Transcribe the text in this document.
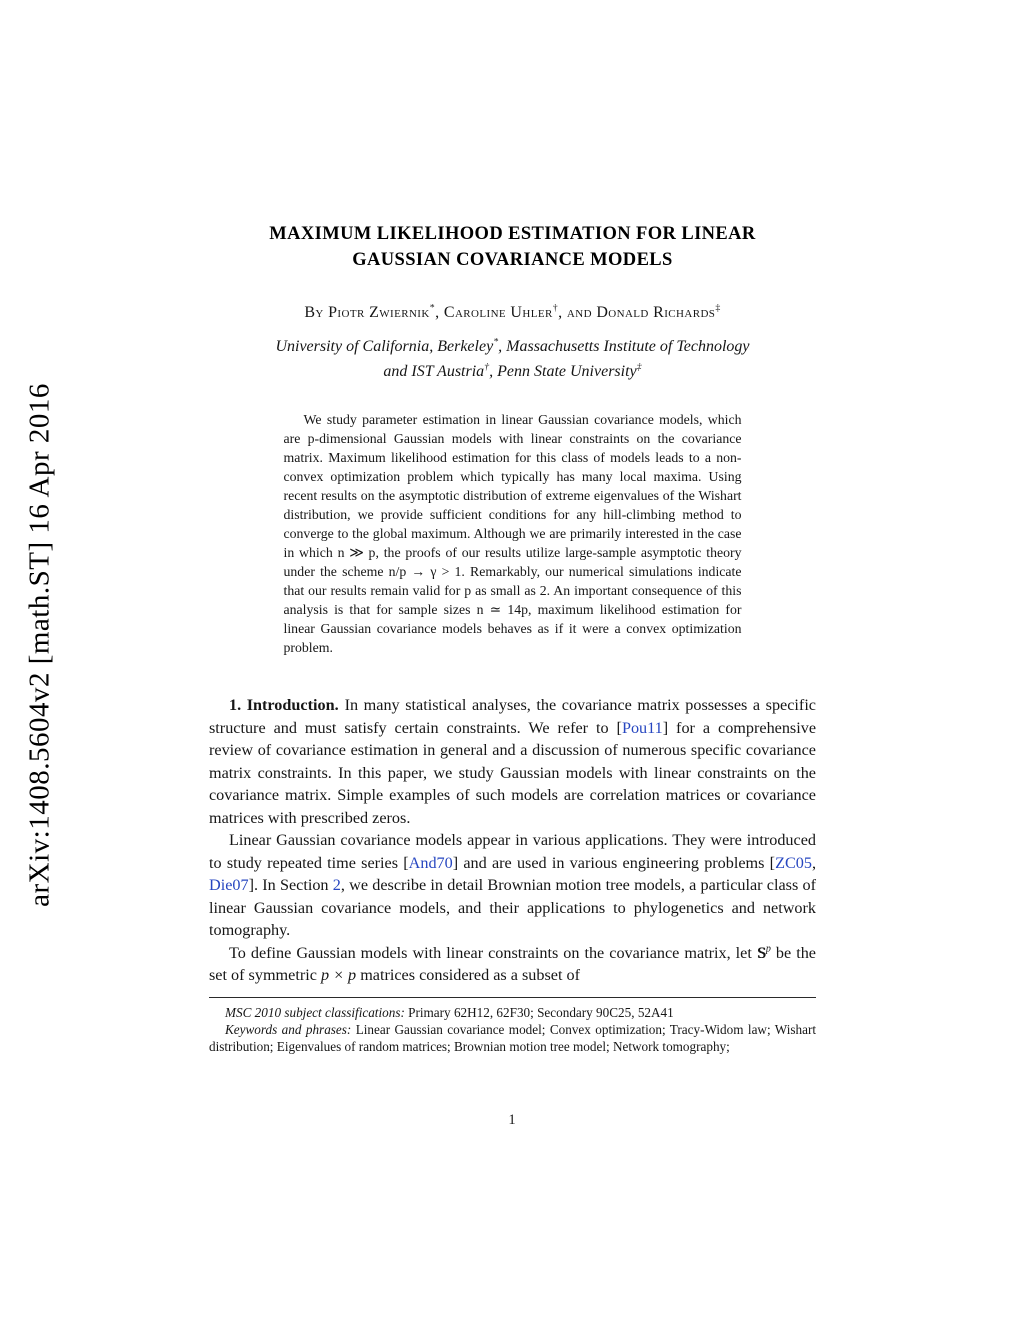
arXiv:1408.5604v2 [math.ST] 16 Apr 2016
MAXIMUM LIKELIHOOD ESTIMATION FOR LINEAR
GAUSSIAN COVARIANCE MODELS
By Piotr Zwiernik*, Caroline Uhler†, and Donald Richards‡
University of California, Berkeley*, Massachusetts Institute of Technology
and IST Austria†, Penn State University‡
We study parameter estimation in linear Gaussian covariance models, which are p-dimensional Gaussian models with linear constraints on the covariance matrix. Maximum likelihood estimation for this class of models leads to a non-convex optimization problem which typically has many local maxima. Using recent results on the asymptotic distribution of extreme eigenvalues of the Wishart distribution, we provide sufficient conditions for any hill-climbing method to converge to the global maximum. Although we are primarily interested in the case in which n ≫ p, the proofs of our results utilize large-sample asymptotic theory under the scheme n/p → γ > 1. Remarkably, our numerical simulations indicate that our results remain valid for p as small as 2. An important consequence of this analysis is that for sample sizes n ≃ 14p, maximum likelihood estimation for linear Gaussian covariance models behaves as if it were a convex optimization problem.

1. Introduction. In many statistical analyses, the covariance matrix possesses a specific structure and must satisfy certain constraints. We refer to [Pou11] for a comprehensive review of covariance estimation in general and a discussion of numerous specific covariance matrix constraints. In this paper, we study Gaussian models with linear constraints on the covariance matrix. Simple examples of such models are correlation matrices or covariance matrices with prescribed zeros.

Linear Gaussian covariance models appear in various applications. They were introduced to study repeated time series [And70] and are used in various engineering problems [ZC05, Die07]. In Section 2, we describe in detail Brownian motion tree models, a particular class of linear Gaussian covariance models, and their applications to phylogenetics and network tomography.

To define Gaussian models with linear constraints on the covariance matrix, let $S^p$ be the set of symmetric p × p matrices considered as a subset of

MSC 2010 subject classifications: Primary 62H12, 62F30; Secondary 90C25, 52A41

Keywords and phrases: Linear Gaussian covariance model; Convex optimization; Tracy-Widom law; Wishart distribution; Eigenvalues of random matrices; Brownian motion tree model; Network tomography;

1
